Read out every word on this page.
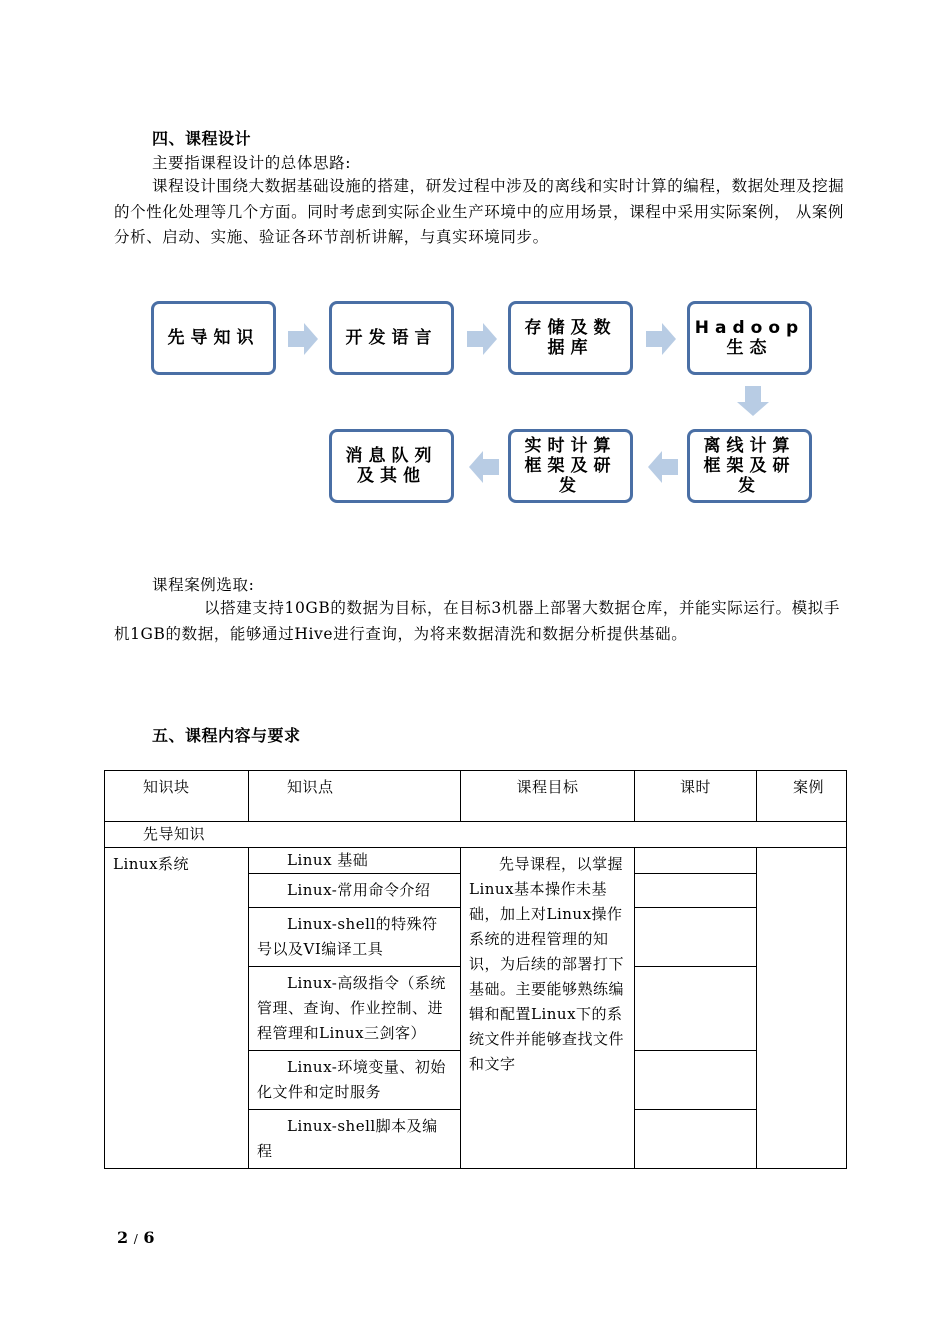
四、课程设计
主要指课程设计的总体思路:
课程设计围绕大数据基础设施的搭建，研发过程中涉及的离线和实时计算的编程，数据处理及挖掘的个性化处理等几个方面。同时考虑到实际企业生产环境中的应用场景，课程中采用实际案例， 从案例分析、启动、实施、验证各环节剖析讲解，与真实环境同步。
先导知识	开发语言	存储及数据库
Hadoop 生态
离线计算框架及研发
实时计算框架及研发
消息队列及其他
课程案例选取:
以搭建支持10GB的数据为目标，在目标3机器上部署大数据仓库，并能实际运行。模拟手机1GB的数据，能够通过Hive进行查询，为将来数据清洗和数据分析提供基础。
五、课程内容与要求
知识块	知识点	课程目标	课时	案例
先导知识				
Linux系统	Linux 基础	先导课程，以掌握Linux基本操作未基础，加上对Linux操作系统的进程管理的知识，为后续的部署打下基础。主要能够熟练编辑和配置Linux下的系统文件并能够查找文件和文字		
	Linux-常用命令介绍			
	Linux-shell的特殊符号以及VI编译工具			
	Linux-高级指令（系统管理、查询、作业控制、进程管理和Linux三剑客）			
	Linux-环境变量、初始化文件和定时服务			
	Linux-shell脚本及编程			
2 / 6
